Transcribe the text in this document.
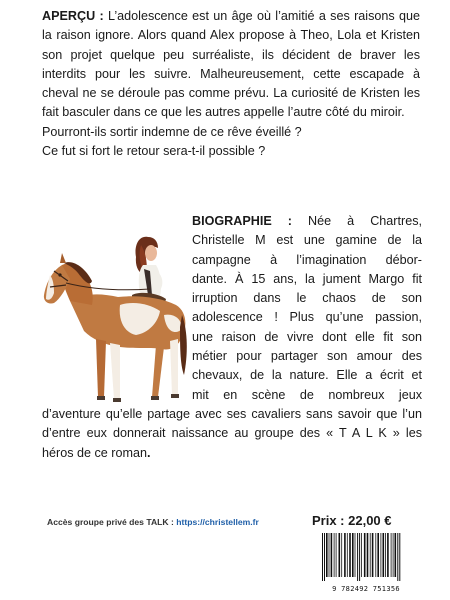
APERÇU : L’adolescence est un âge où l’amitié a ses raisons que la raison ignore. Alors quand Alex propose à Theo, Lola et Kristen son projet quelque peu surréaliste, ils décident de braver les interdits pour les suivre. Malheureusement, cette escapade à cheval ne se déroule pas comme prévu. La curiosité de Kristen les fait basculer dans ce que les autres appelle l’autre côté du miroir.

Pourront-ils sortir indemne de ce rêve éveillé ?

Ce fut si fort le retour sera-t-il possible ?

BIOGRAPHIE : Née à Chartres,
Christelle M est une gamine de la
campagne à l’imagination débor-
dante. À 15 ans, la jument Margo fit
irruption dans le chaos de son
adolescence ! Plus qu’une passion,
une raison de vivre dont elle fit son
métier pour partager son amour des
chevaux, de la nature. Elle a écrit et
mit en scène de nombreux jeux
d’aventure qu’elle partage avec ses cavaliers sans savoir que l’un
d’entre eux donnerait naissance au groupe des « T A L K » les
héros de ce roman.
Accès groupe privé des TALK : https://christellem.fr	Prix : 22,00 €
9 782492 751356
